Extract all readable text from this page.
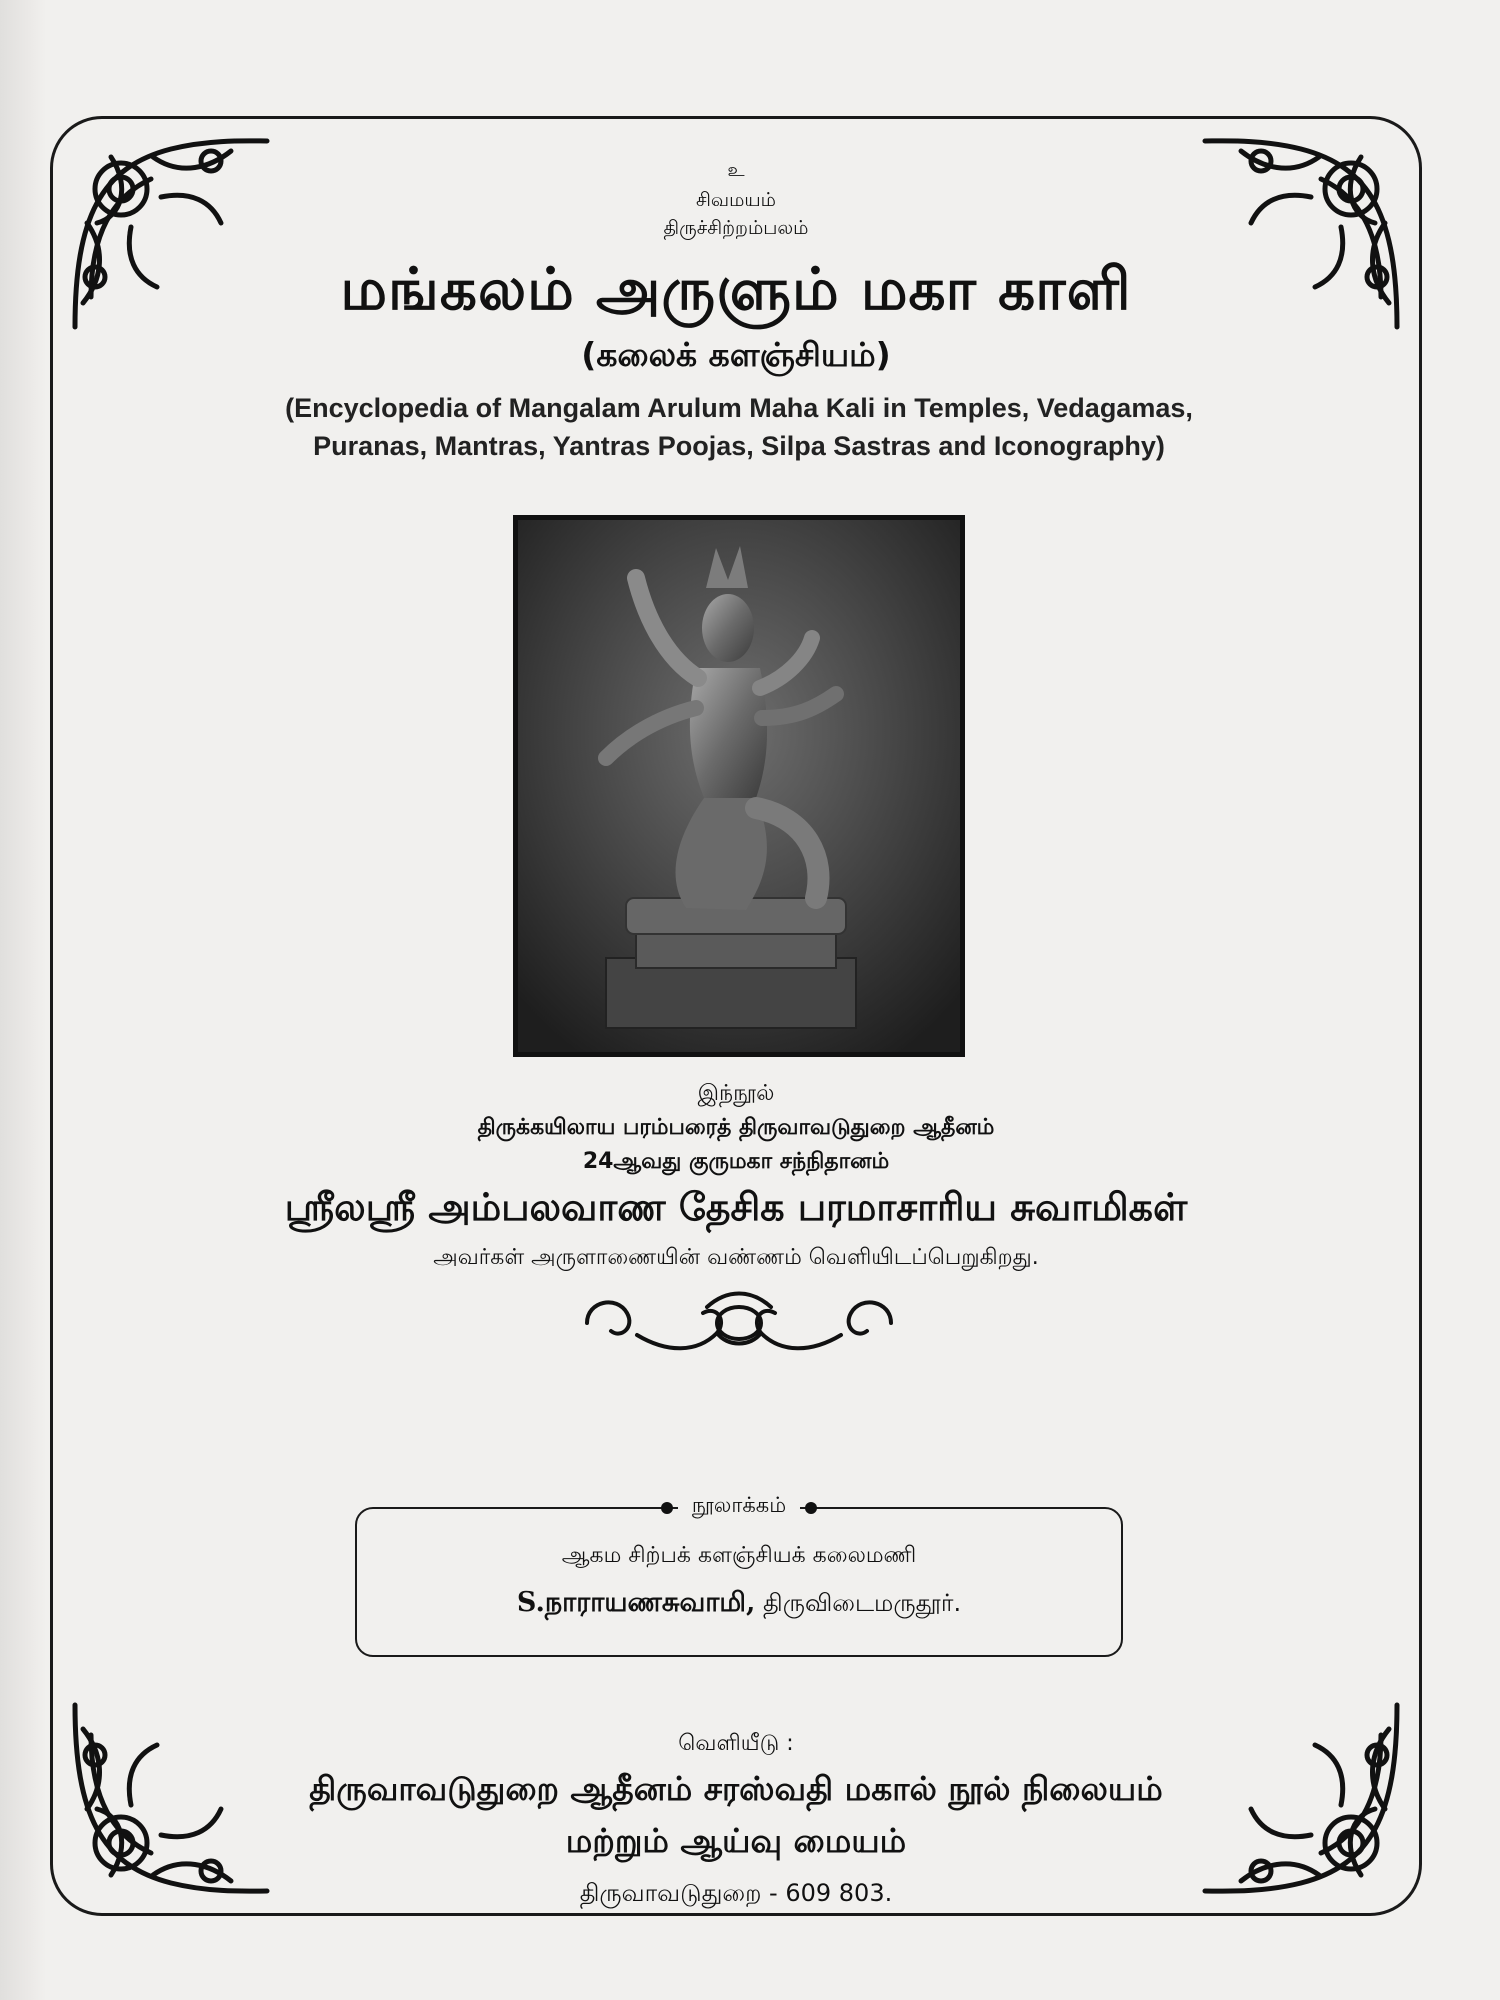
உ
சிவமயம்
திருச்சிற்றம்பலம்
மங்கலம் அருளும் மகா காளி
(கலைக் களஞ்சியம்)
(Encyclopedia of Mangalam Arulum Maha Kali in Temples, Vedagamas,
Puranas, Mantras, Yantras Poojas, Silpa Sastras and Iconography)
இந்நூல்
திருக்கயிலாய பரம்பரைத் திருவாவடுதுறை ஆதீனம்
24ஆவது குருமகா சந்நிதானம்
ஸ்ரீலஸ்ரீ அம்பலவாண தேசிக பரமாசாரிய சுவாமிகள்
அவர்கள் அருளாணையின் வண்ணம் வெளியிடப்பெறுகிறது.
நூலாக்கம்
ஆகம சிற்பக் களஞ்சியக் கலைமணி
S.நாராயணசுவாமி, திருவிடைமருதூர்.
வெளியீடு :
திருவாவடுதுறை ஆதீனம் சரஸ்வதி மகால் நூல் நிலையம்
மற்றும் ஆய்வு மையம்
திருவாவடுதுறை - 609 803.
